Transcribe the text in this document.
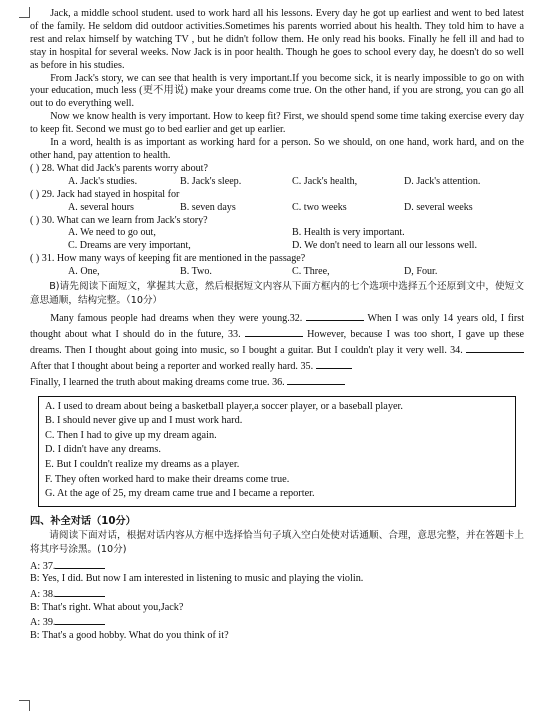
Jack, a middle school student. used to work hard all his lessons. Every day he got up earliest and went to bed latest of the family. He seldom did outdoor activities.Sometimes his parents worried about his health. They told him to have a rest and relax himself by watching TV , but he didn't follow them. He only read his books. Finally he fell ill and had to stay in hospital for several weeks. Now Jack is in poor health. Though he goes to school every day, he doesn't do so well as before in his studies.

From Jack's story, we can see that health is very important.If you become sick, it is nearly impossible to go on with your education, much less (更不用说) make your dreams come true. On the other hand, if you are strong, you can go all out to do everything well.

Now we know health is very important. How to keep fit? First, we should spend some time taking exercise every day to keep fit. Second we must go to bed earlier and get up earlier.

In a word, health is as important as working hard for a person. So we should, on one hand, work hard, and on the other hand, pay attention to health.

( ) 28. What did Jack's parents worry about?

A. Jack's studies.	B. Jack's sleep.	C. Jack's health,	D. Jack's attention.

( ) 29. Jack had stayed in hospital for

A. several hours	B. seven days	C. two weeks	D. several weeks

( ) 30. What can we learn from Jack's story?

A. We need to go out,	B. Health is very important.
C. Dreams are very important,	D. We don't need to learn all our lessons well.

( ) 31. How many ways of keeping fit are mentioned in the passage?

A. One,	B. Two.	C. Three,	D, Four.

B)请先阅读下面短文，掌握其大意，然后根据短文内容从下面方框内的七个选项中选择五个还原到文中，使短文意思通顺，结构完整。（10分）

Many famous people had dreams when they were young.32.	When I was only 14 years old, I first thought about what I should do in the future, 33.	However, because I was too short, I gave up these dreams. Then I thought about going into music, so I bought a guitar. But I couldn't play it very well. 34.  After that I thought about being a reporter and worked really hard. 35.

Finally, I learned the truth about making dreams come true. 36.

A. I used to dream about being a basketball player,a soccer player, or a baseball player.

B. I should never give up and I must work hard.

C. Then I had to give up my dream again.

D. I didn't have any dreams.

E. But I couldn't realize my dreams as a player.

F. They often worked hard to make their dreams come true.

G. At the age of 25, my dream came true and I became a reporter.

四、补全对话（10分）

请阅读下面对话，根据对话内容从方框中选择恰当句子填入空白处使对话通顺、合理，意思完整，并在答题卡上将其序号涂黑。(10分)

A: 37.

B: Yes, I did. But now I am interested in listening to music and playing the violin.

A: 38.

B: That's right. What about you,Jack?

A: 39.

B: That's a good hobby. What do you think of it?
